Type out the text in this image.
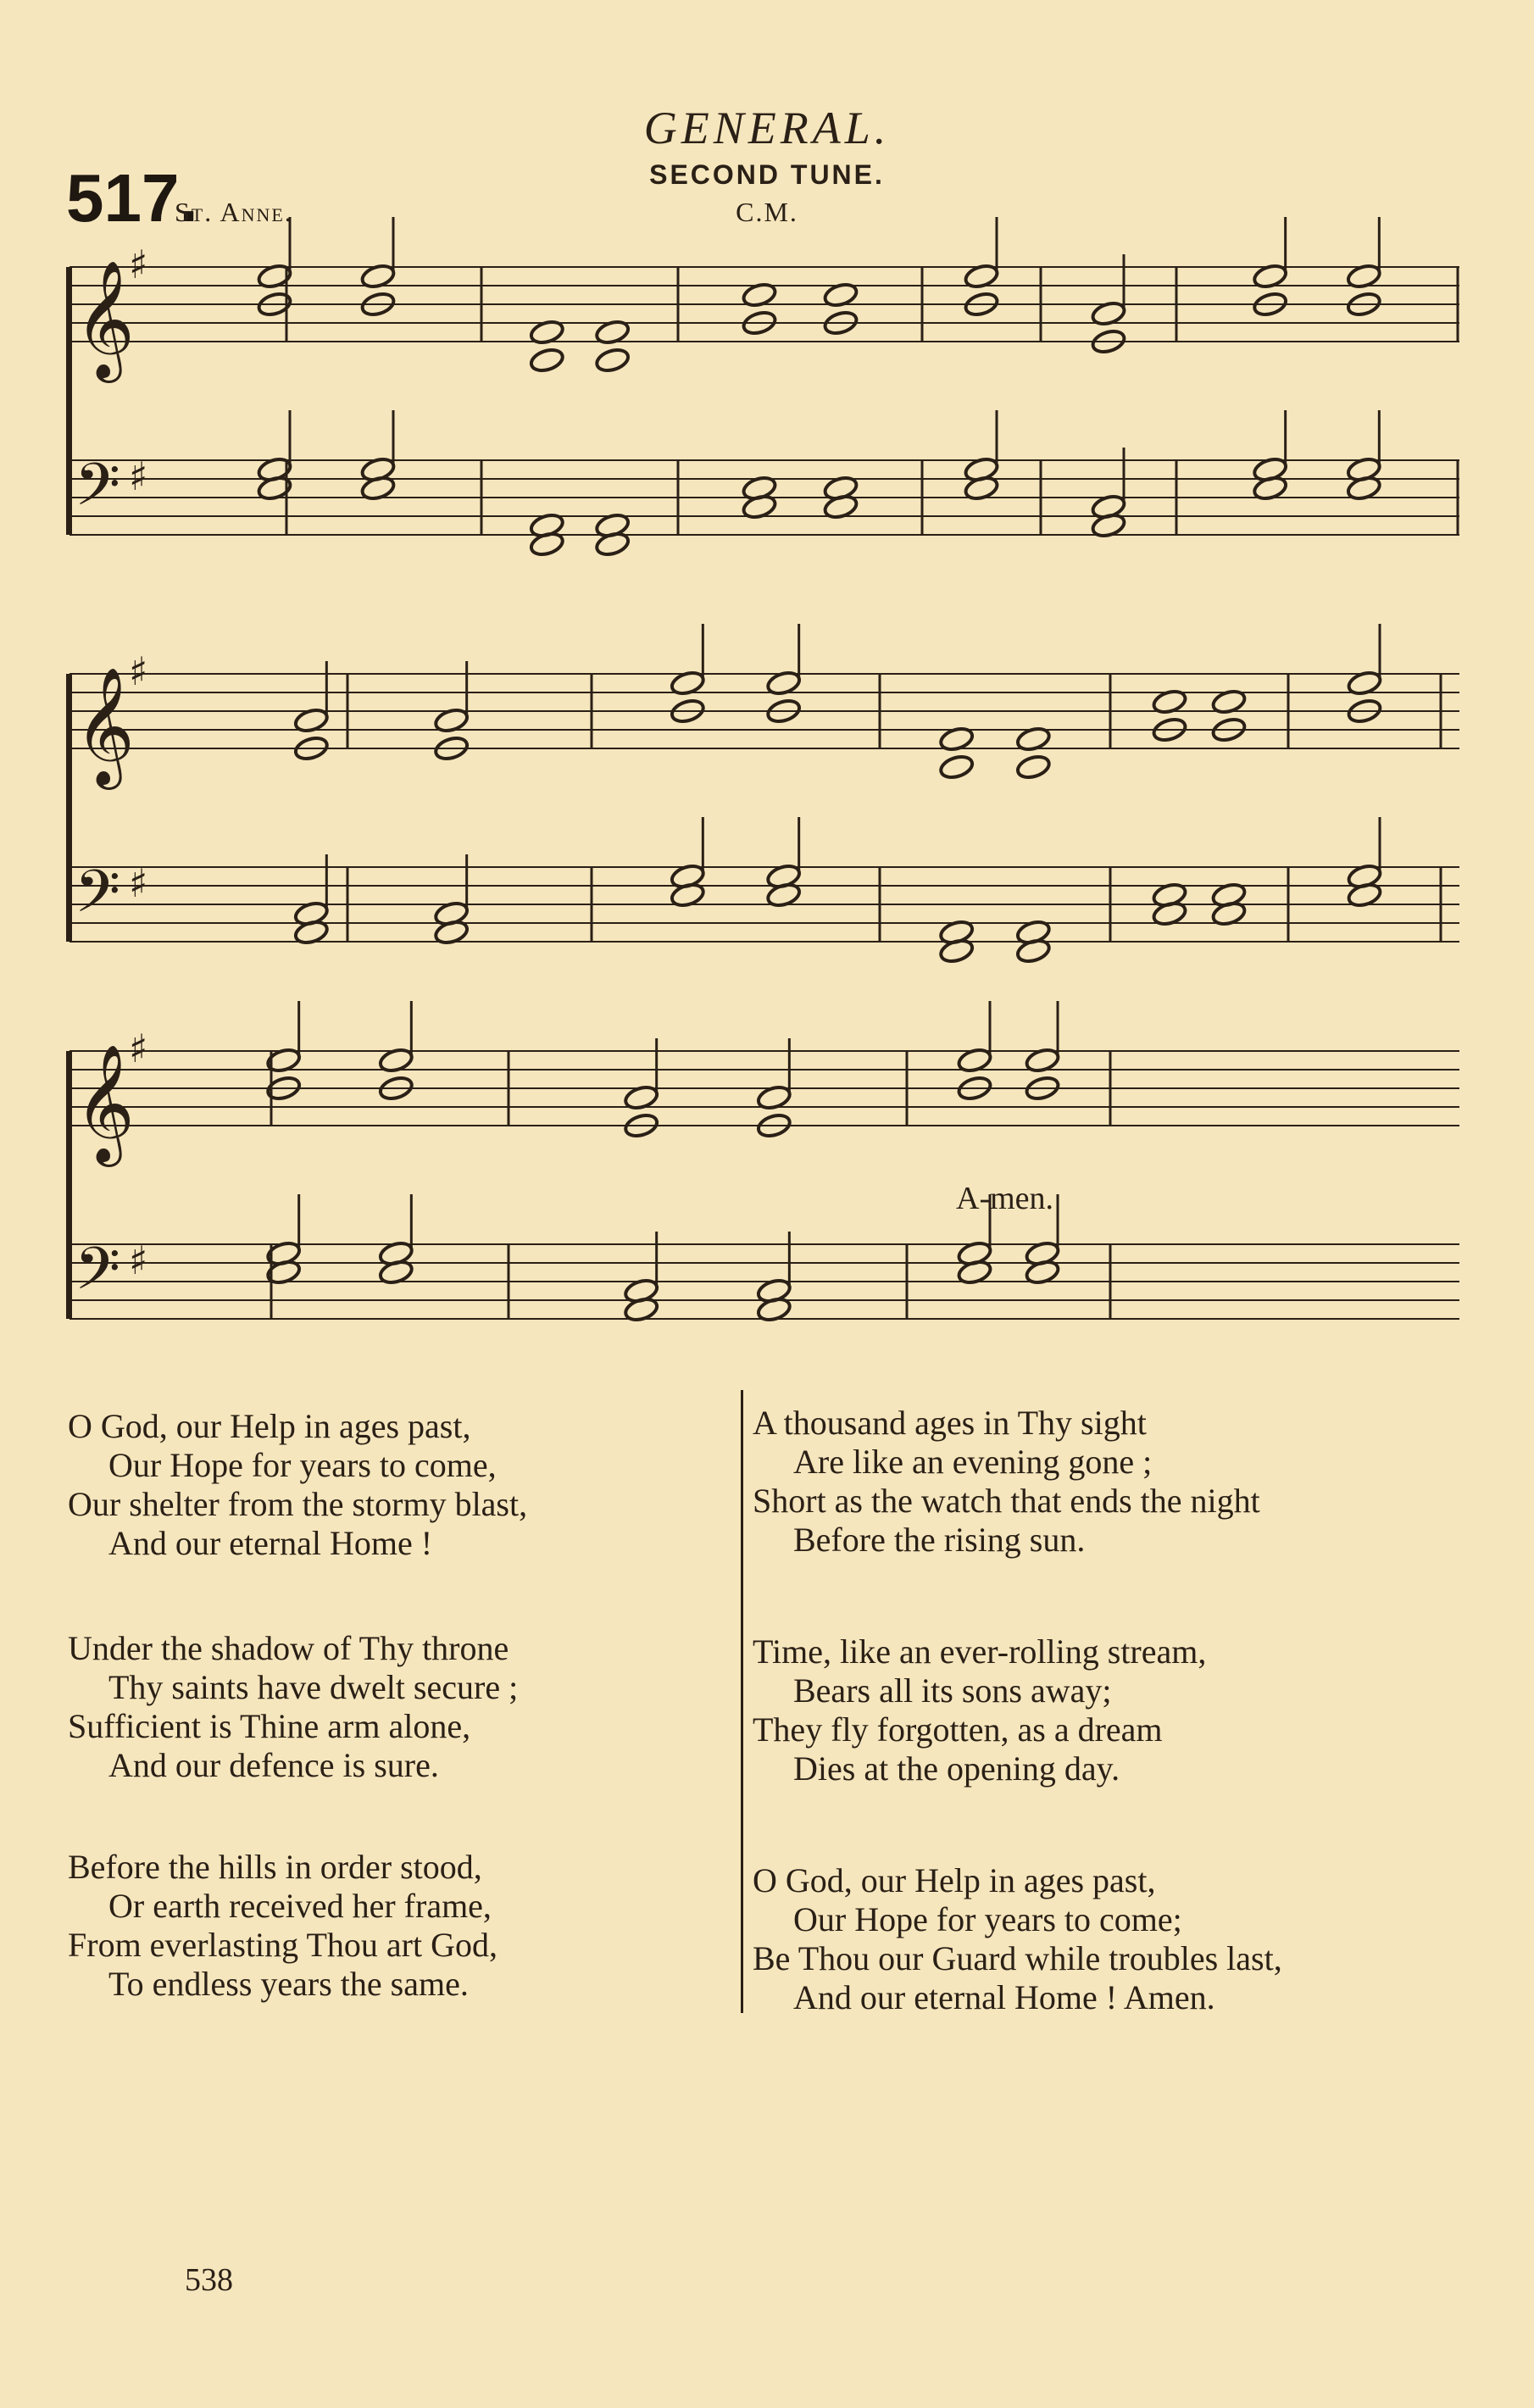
GENERAL.
517.
St. Anne.
SECOND TUNE.
C.M.
𝄞
♯
𝄢 ♯
𝄞
♯
𝄢 ♯
𝄞
♯
𝄢 ♯
A-men.
O God, our Help in ages past,
Our Hope for years to come,
Our shelter from the stormy blast,
And our eternal Home !
Under the shadow of Thy throne
Thy saints have dwelt secure ;
Sufficient is Thine arm alone,
And our defence is sure.
Before the hills in order stood,
Or earth received her frame,
From everlasting Thou art God,
To endless years the same.
A thousand ages in Thy sight
Are like an evening gone ;
Short as the watch that ends the night
Before the rising sun.
Time, like an ever-rolling stream,
Bears all its sons away;
They fly forgotten, as a dream
Dies at the opening day.
O God, our Help in ages past,
Our Hope for years to come;
Be Thou our Guard while troubles last,
And our eternal Home ! Amen.
538
